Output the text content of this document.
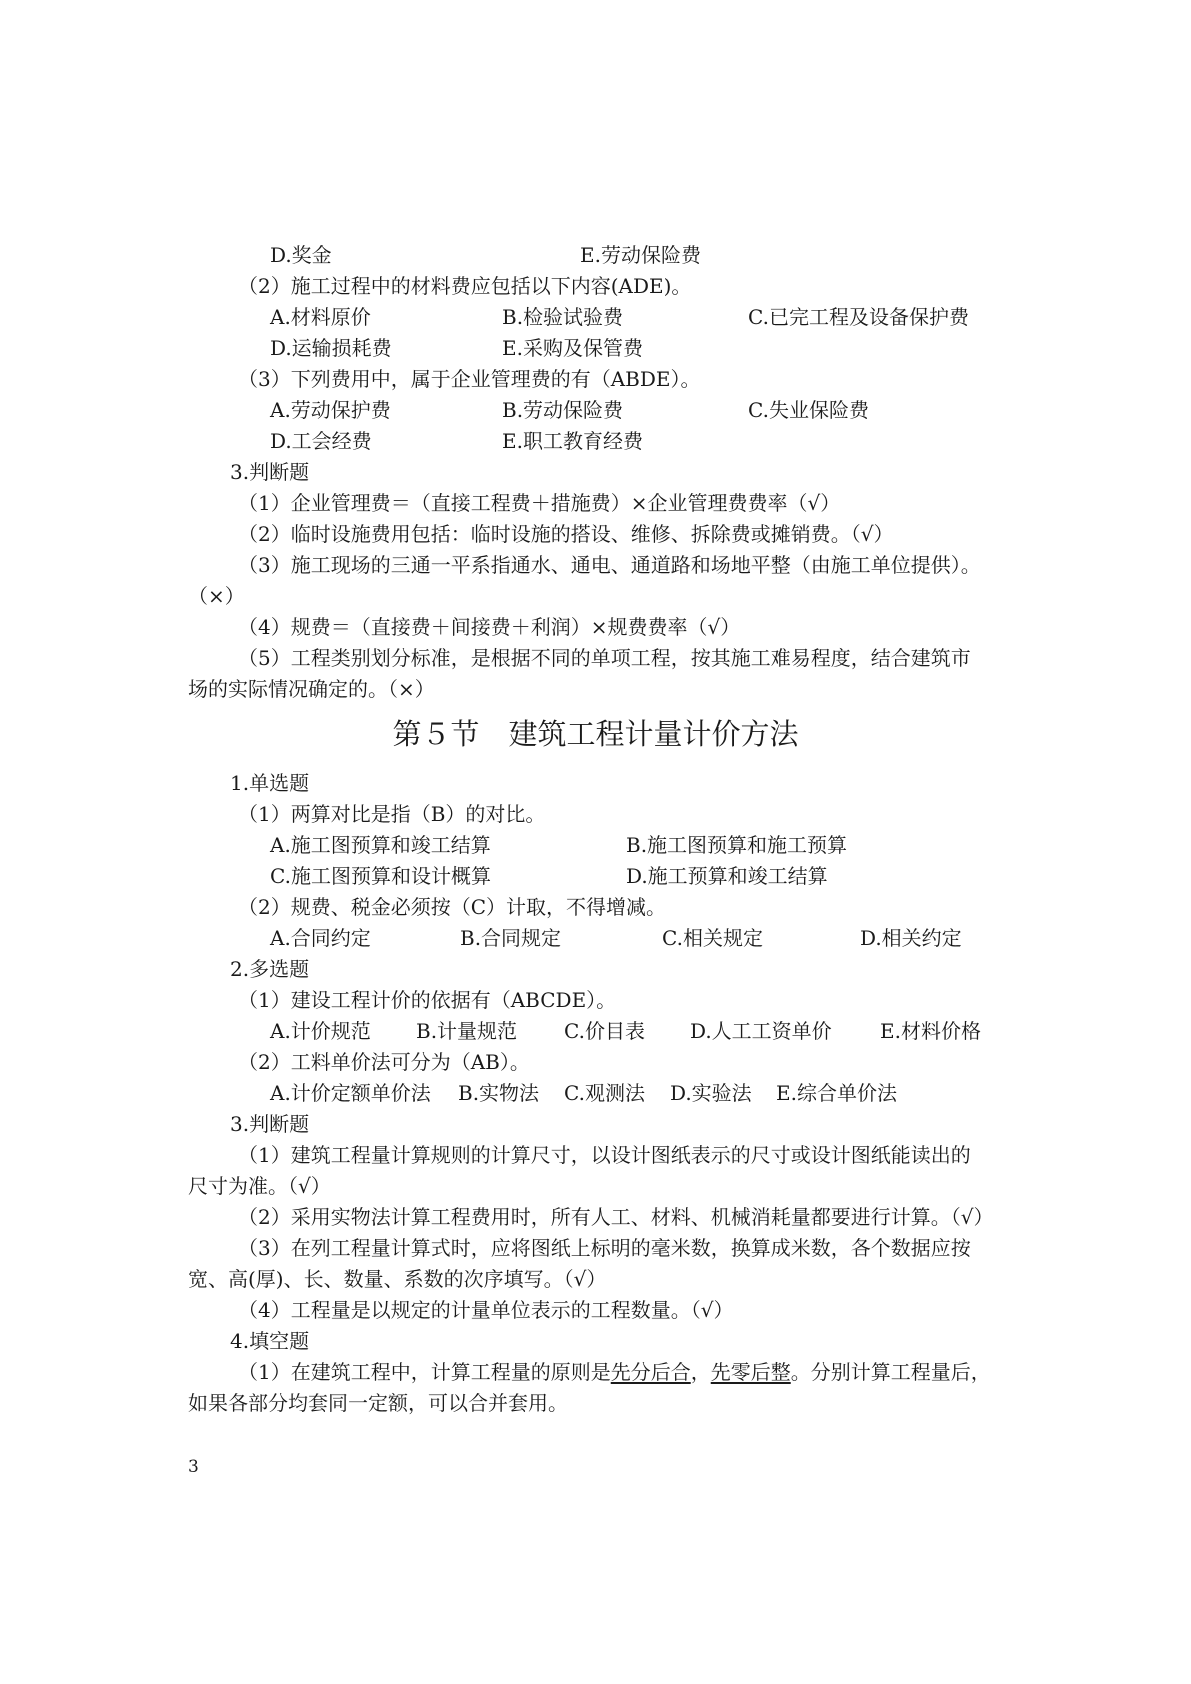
D.奖金	E.劳动保险费
（2）施工过程中的材料费应包括以下内容(ADE)。
A.材料原价	B.检验试验费	C.已完工程及设备保护费
D.运输损耗费	E.采购及保管费
（3）下列费用中，属于企业管理费的有（ABDE）。
A.劳动保护费	B.劳动保险费	C.失业保险费
D.工会经费	E.职工教育经费
3.判断题
（1）企业管理费＝（直接工程费＋措施费）×企业管理费费率（√）
（2）临时设施费用包括：临时设施的搭设、维修、拆除费或摊销费。（√）
（3）施工现场的三通一平系指通水、通电、通道路和场地平整（由施工单位提供）。
（×）
（4）规费＝（直接费＋间接费＋利润）×规费费率（√）
（5）工程类别划分标准，是根据不同的单项工程，按其施工难易程度，结合建筑市
场的实际情况确定的。（×）
第５节　建筑工程计量计价方法
1.单选题
（1）两算对比是指（B）的对比。
A.施工图预算和竣工结算	B.施工图预算和施工预算
C.施工图预算和设计概算	D.施工预算和竣工结算
（2）规费、税金必须按（C）计取，不得增减。
A.合同约定	B.合同规定	C.相关规定	D.相关约定
2.多选题
（1）建设工程计价的依据有（ABCDE）。
A.计价规范 B.计量规范 C.价目表 D.人工工资单价 E.材料价格
（2）工料单价法可分为（AB）。
A.计价定额单价法 B.实物法 C.观测法 D.实验法 E.综合单价法
3.判断题
（1）建筑工程量计算规则的计算尺寸，以设计图纸表示的尺寸或设计图纸能读出的
尺寸为准。（√）
（2）采用实物法计算工程费用时，所有人工、材料、机械消耗量都要进行计算。（√）
（3）在列工程量计算式时，应将图纸上标明的毫米数，换算成米数，各个数据应按
宽、高(厚)、长、数量、系数的次序填写。（√）
（4）工程量是以规定的计量单位表示的工程数量。（√）
4.填空题
（1）在建筑工程中，计算工程量的原则是先分后合，先零后整。分别计算工程量后，
如果各部分均套同一定额，可以合并套用。
3
